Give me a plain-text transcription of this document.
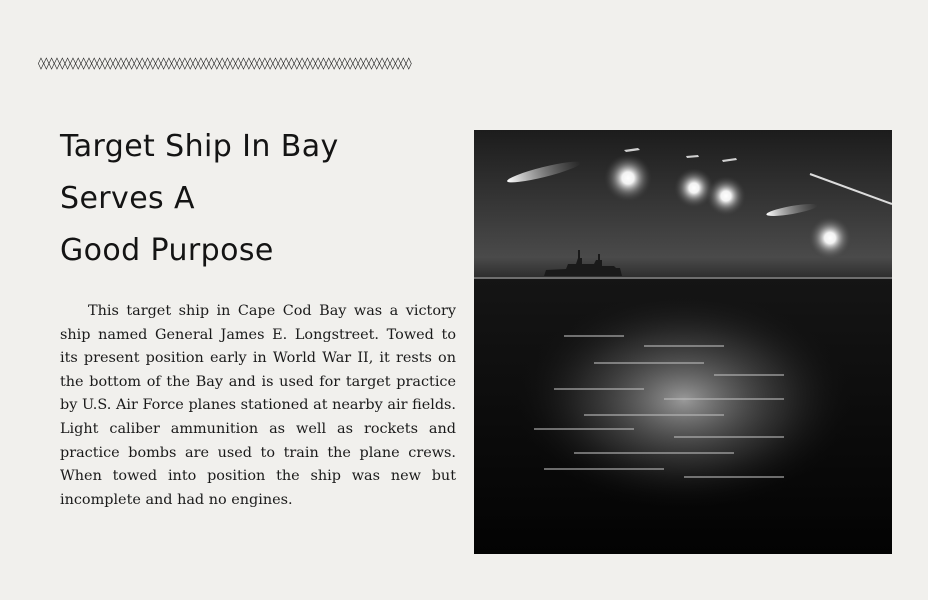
◊◊◊◊◊◊◊◊◊◊◊◊◊◊◊◊◊◊◊◊◊◊◊◊◊◊◊◊◊◊◊◊◊◊◊◊◊◊◊◊◊◊◊◊◊◊◊◊◊◊◊◊◊◊◊◊◊◊◊◊◊◊◊◊◊◊◊◊◊◊
Target Ship In Bay
Serves A
Good Purpose

This target ship in Cape Cod Bay was a victory ship named General James E. Longstreet. Towed to its present position early in World War II, it rests on the bottom of the Bay and is used for target practice by U.S. Air Force planes stationed at nearby air fields. Light caliber ammunition as well as rockets and practice bombs are used to train the plane crews. When towed into position the ship was new but incomplete and had no engines.
